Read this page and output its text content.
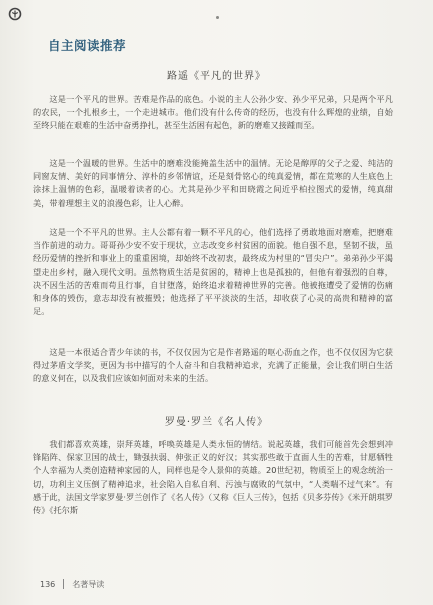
自主阅读推荐
路遥《平凡的世界》

这是一个平凡的世界。苦难是作品的底色。小说的主人公孙少安、孙少平兄弟，只是两个平凡的农民，一个扎根乡土，一个走进城市。他们没有什么传奇的经历，也没有什么辉煌的业绩，自始至终只能在艰难的生活中奋勇挣扎，甚至生活困有起色，新的磨难又接踵而至。

这是一个温暖的世界。生活中的磨难没能掩盖生活中的温情。无论是醇厚的父子之爱、纯洁的同窗友情、美好的同事情分、淳朴的乡邻情谊，还是刻骨铭心的纯真爱情，都在荒寒的人生底色上涂抹上温情的色彩，温暖着读者的心。尤其是孙少平和田晓霞之间近乎柏拉图式的爱情，纯真甜美，带着理想主义的浪漫色彩，让人心醉。

这是一个不平凡的世界。主人公都有着一颗不平凡的心，他们选择了勇敢地面对磨难，把磨难当作前进的动力。哥哥孙少安不安于现状，立志改变乡村贫困的面貌。他自强不息，坚韧不拔，虽经历爱情的挫折和事业上的重重困境，却始终不改初衷，最终成为村里的“冒尖户”。弟弟孙少平渴望走出乡村，融入现代文明。虽然物质生活是贫困的，精神上也是孤独的，但他有着强烈的自尊，决不因生活的苦难而苟且行事，自甘堕落，始终追求着精神世界的完善。他被拖遭受了爱情的伤痛和身体的毁伤，意志却没有被摧毁；他选择了平平淡淡的生活，却收获了心灵的高贵和精神的富足。

这是一本很适合青少年读的书，不仅仅因为它是作者路遥的呕心沥血之作，也不仅仅因为它获得过茅盾文学奖，更因为书中描写的个人奋斗和自我精神追求，充满了正能量，会让我们明白生活的意义何在，以及我们应该如何面对未来的生活。

罗曼·罗兰《名人传》

我们都喜欢英雄，崇拜英雄，呼唤英雄是人类永恒的情结。说起英雄，我们可能首先会想到冲锋陷阵、保家卫国的战士，锄强扶弱、伸张正义的好汉；其实那些敢于直面人生的苦难，甘愿牺牲个人幸福为人类创造精神家园的人，同样也是令人景仰的英雄。20世纪初，物质至上的观念统治一切，功利主义压倒了精神追求，社会陷入自私自利、污浊与腐败的气氛中，“人类喘不过气来”。有感于此，法国文学家罗曼·罗兰创作了《名人传》（又称《巨人三传》，包括《贝多芬传》《米开朗琪罗传》《托尔斯

136 名著导读
